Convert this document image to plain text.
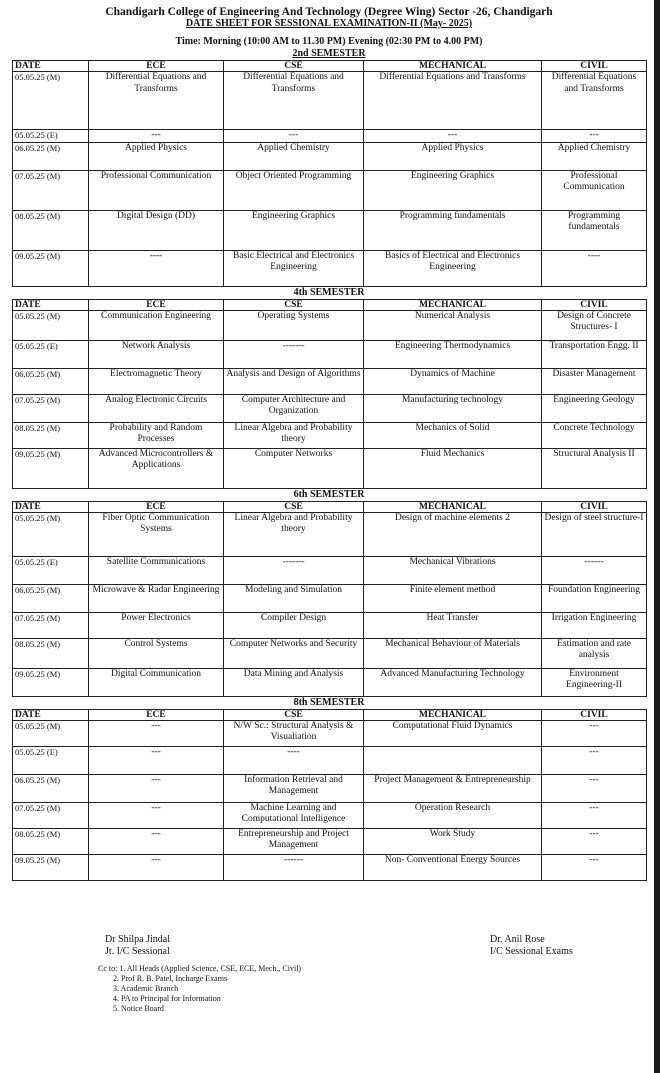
Chandigarh College of Engineering And Technology (Degree Wing) Sector -26, Chandigarh
DATE SHEET FOR SESSIONAL EXAMINATION-II (May- 2025)
Time: Morning (10:00 AM to 11.30 PM) Evening (02:30 PM to 4.00 PM)
2nd SEMESTER
DATE	ECE	CSE	MECHANICAL	CIVIL
05.05.25 (M)	Differential Equations and Transforms	Differential Equations and Transforms	Differential Equations and Transforms	Differential Equations and Transforms
05.05.25 (E)	---	---	---	---
06.05.25 (M)	Applied Physics	Applied Chemistry	Applied Physics	Applied Chemistry
07.05.25 (M)	Professional Communication	Object Oriented Programming	Engineering Graphics	Professional Communication
08.05.25 (M)	Digital Design (DD)	Engineering Graphics	Programming fundamentals	Programming fundamentals
09.05.25 (M)	----	Basic Electrical and Electronics Engineering	Basics of Electrical and Electronics Engineering	----
4th SEMESTER
DATE	ECE	CSE	MECHANICAL	CIVIL
05.05.25 (M)	Communication Engineering	Operating Systems	Numerical Analysis	Design of Concrete Structures- I
05.05.25 (E)	Network Analysis	-------	Engineering Thermodynamics	Transportation Engg. II
06.05.25 (M)	Electromagnetic Theory	Analysis and Design of Algorithms	Dynamics of Machine	Disaster Management
07.05.25 (M)	Analog Electronic Circuits	Computer Architecture and Organization	Manufacturing technology	Engineering Geology
08.05.25 (M)	Probability and Random Processes	Linear Algebra and Probability theory	Mechanics of Solid	Concrete Technology
09.05.25 (M)	Advanced Microcontrollers & Applications	Computer Networks	Fluid Mechanics	Structural Analysis II
6th SEMESTER
DATE	ECE	CSE	MECHANICAL	CIVIL
05.05.25 (M)	Fiber Optic Communication Systems	Linear Algebra and Probability theory	Design of machine elements 2	Design of steel structure-I
05.05.25 (E)	Satellite Communications	-------	Mechanical Vibrations	------
06.05.25 (M)	Microwave & Radar Engineering	Modeling and Simulation	Finite element method	Foundation Engineering
07.05.25 (M)	Power Electronics	Compiler Design	Heat Transfer	Irrigation Engineering
08.05.25 (M)	Control Systems	Computer Networks and Security	Mechanical Behaviour of Materials	Estimation and rate analysis
09.05.25 (M)	Digital Communication	Data Mining and Analysis	Advanced Manufacturing Technology	Environment Engineering-II
8th SEMESTER
DATE	ECE	CSE	MECHANICAL	CIVIL
05.05.25 (M)	---	N/W Sc.: Structural Analysis & Visualiation	Computational Fluid Dynamics	---
05.05.25 (E)	---	----		---
06.05.25 (M)	---	Information Retrieval and Management	Project Management & Entrepreneurship	---
07.05.25 (M)	---	Machine Learning and Computational Intelligence	Operation Research	---
08.05.25 (M)	---	Entrepreneurship and Project Management	Work Study	---
09.05.25 (M)	---	------	Non- Conventional Energy Sources	---
Dr Shilpa Jindal
Jt. I/C Sessional
Dr. Anil Rose
I/C Sessional Exams
Cc to: 1. All Heads (Applied Science, CSE, ECE, Mech., Civil)
2. Prof R. B. Patel, Incharge Exams
3. Academic Branch
4. PA to Principal for Information
5. Notice Board
